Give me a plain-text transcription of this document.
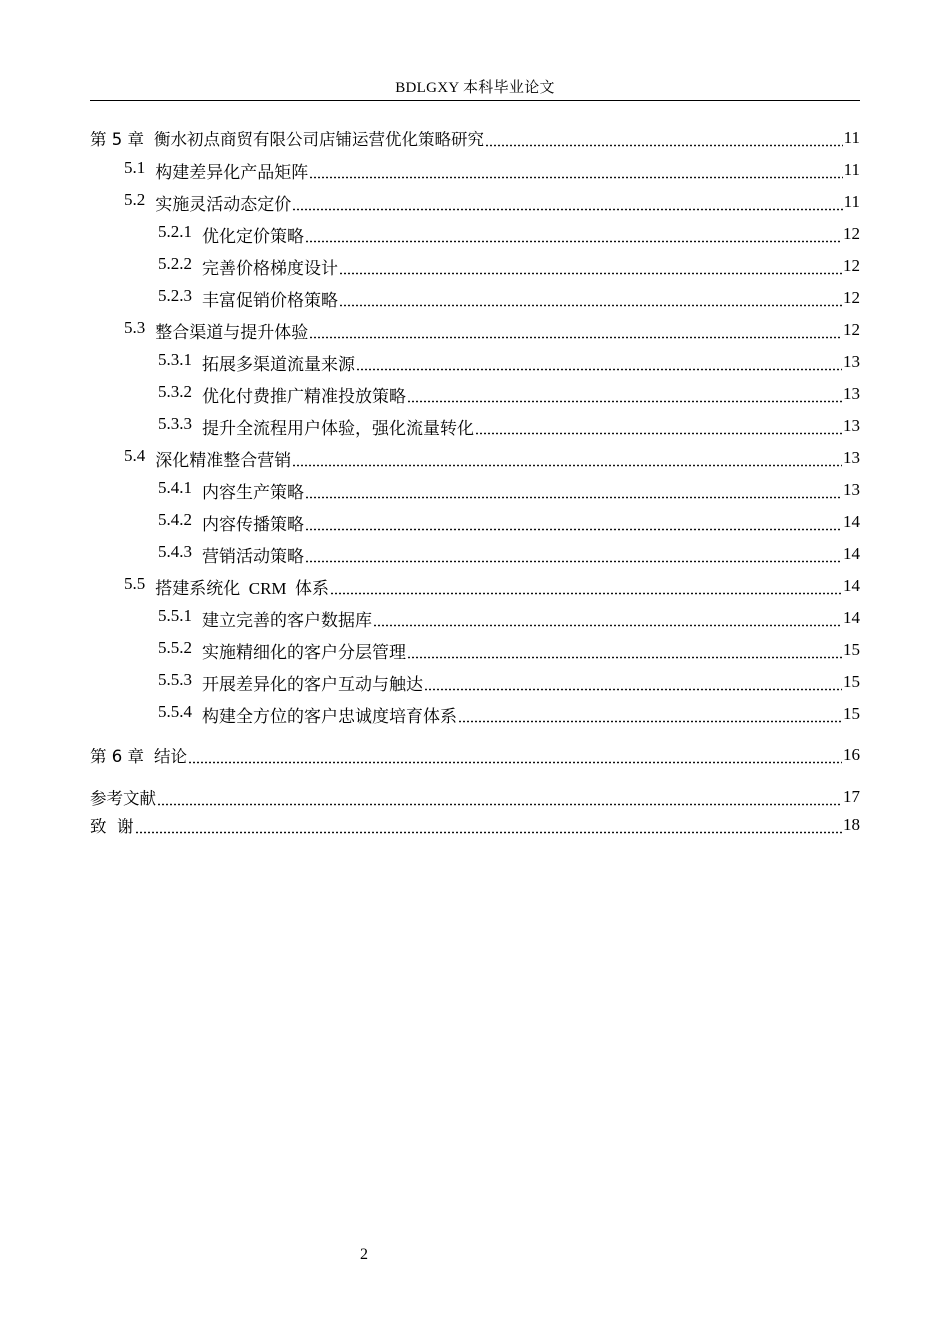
BDLGXY 本科毕业论文
第 5 章 衡水初点商贸有限公司店铺运营优化策略研究	11
5.1 构建差异化产品矩阵	11
5.2 实施灵活动态定价	11
5.2.1 优化定价策略	12
5.2.2 完善价格梯度设计	12
5.2.3 丰富促销价格策略	12
5.3 整合渠道与提升体验	12
5.3.1 拓展多渠道流量来源	13
5.3.2 优化付费推广精准投放策略	13
5.3.3 提升全流程用户体验，强化流量转化	13
5.4 深化精准整合营销	13
5.4.1 内容生产策略	13
5.4.2 内容传播策略	14
5.4.3 营销活动策略	14
5.5 搭建系统化  CRM  体系	14
5.5.1 建立完善的客户数据库	14
5.5.2 实施精细化的客户分层管理	15
5.5.3 开展差异化的客户互动与触达	15
5.5.4 构建全方位的客户忠诚度培育体系	15
第 6 章 结论	16
参考文献	17
致  谢	18
2
